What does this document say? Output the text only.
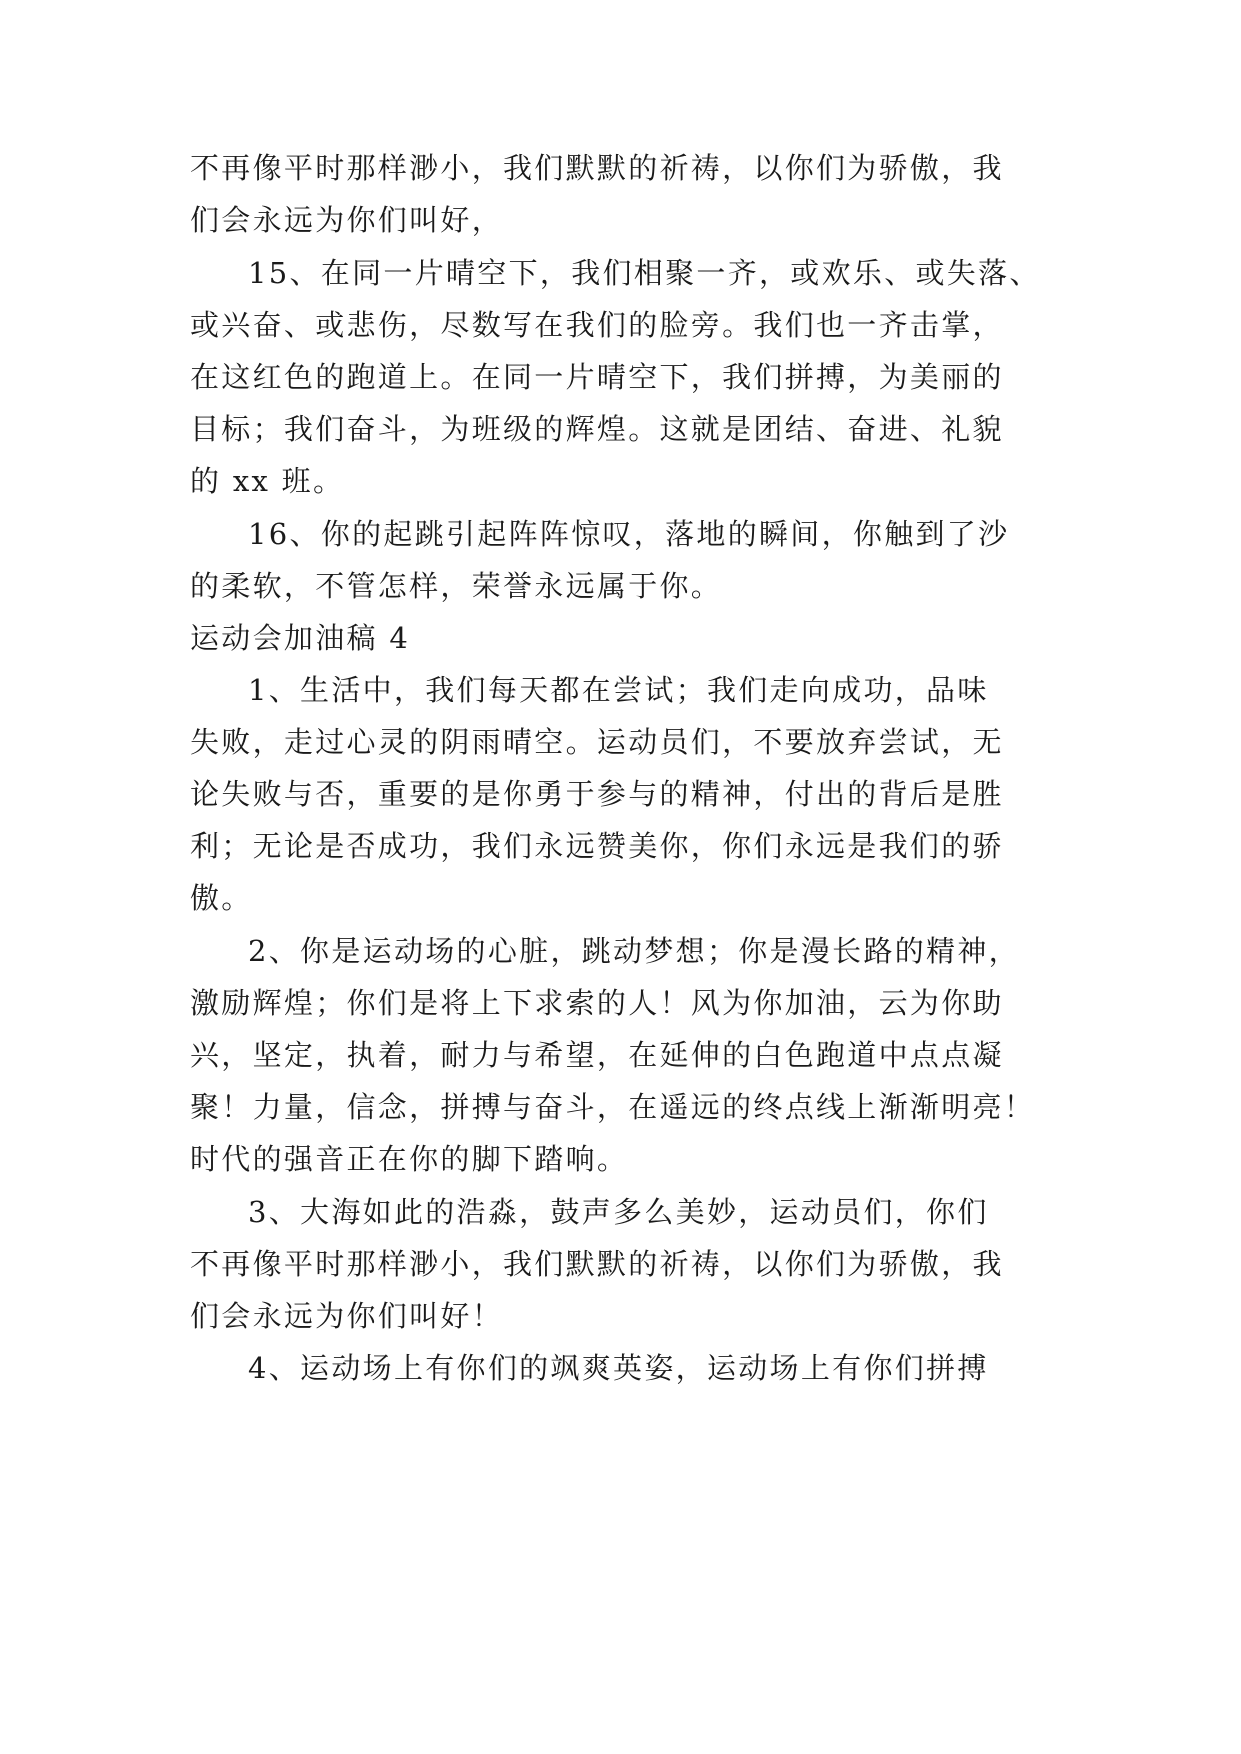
不再像平时那样渺小，我们默默的祈祷，以你们为骄傲，我
们会永远为你们叫好，
15、在同一片晴空下，我们相聚一齐，或欢乐、或失落、
或兴奋、或悲伤，尽数写在我们的脸旁。我们也一齐击掌，
在这红色的跑道上。在同一片晴空下，我们拼搏，为美丽的
目标；我们奋斗，为班级的辉煌。这就是团结、奋进、礼貌
的 xx 班。
16、你的起跳引起阵阵惊叹，落地的瞬间，你触到了沙
的柔软，不管怎样，荣誉永远属于你。
运动会加油稿 4
1、生活中，我们每天都在尝试；我们走向成功，品味
失败，走过心灵的阴雨晴空。运动员们，不要放弃尝试，无
论失败与否，重要的是你勇于参与的精神，付出的背后是胜
利；无论是否成功，我们永远赞美你，你们永远是我们的骄
傲。
2、你是运动场的心脏，跳动梦想；你是漫长路的精神，
激励辉煌；你们是将上下求索的人！风为你加油，云为你助
兴，坚定，执着，耐力与希望，在延伸的白色跑道中点点凝
聚！力量，信念，拼搏与奋斗，在遥远的终点线上渐渐明亮！
时代的强音正在你的脚下踏响。
3、大海如此的浩淼，鼓声多么美妙，运动员们，你们
不再像平时那样渺小，我们默默的祈祷，以你们为骄傲，我
们会永远为你们叫好！
4、运动场上有你们的飒爽英姿，运动场上有你们拼搏
